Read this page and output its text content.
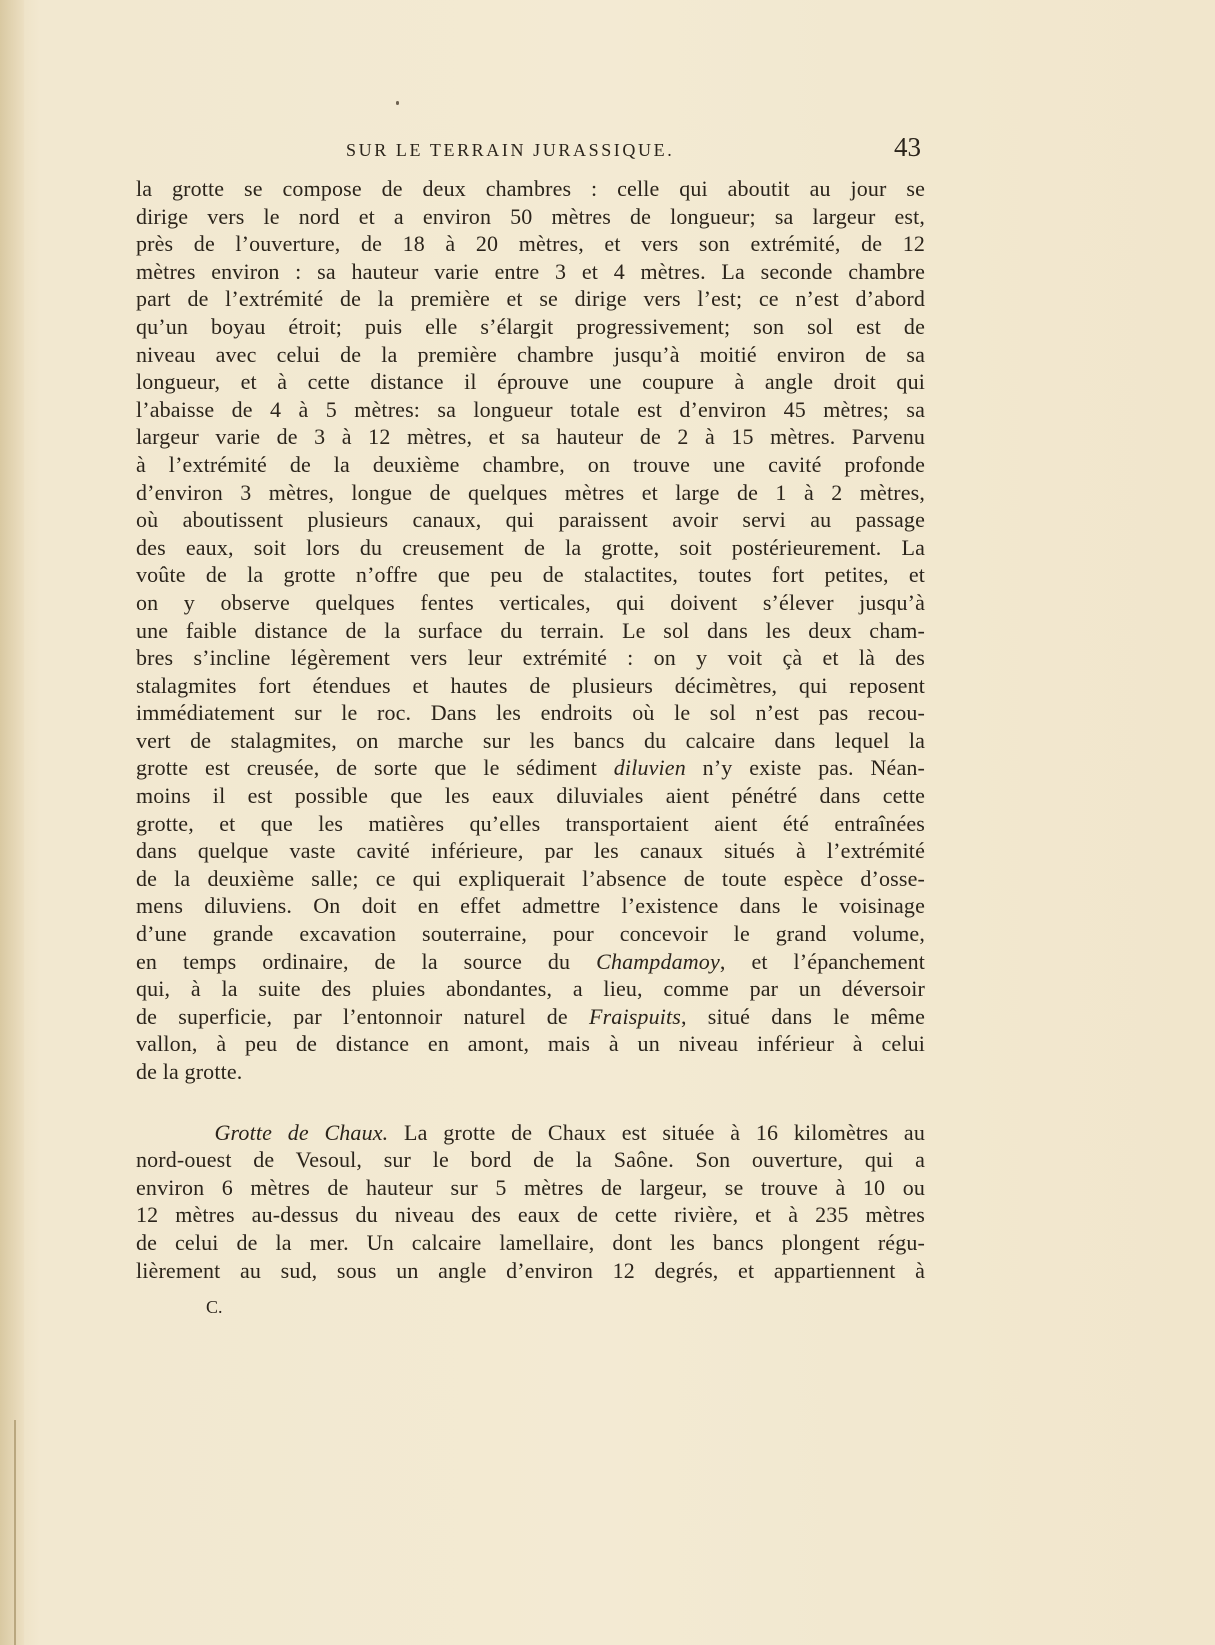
SUR LE TERRAIN JURASSIQUE.	43
la grotte se compose de deux chambres : celle qui aboutit au jour se
dirige vers le nord et a environ 50 mètres de longueur; sa largeur est,
près de l’ouverture, de 18 à 20 mètres, et vers son extrémité, de 12
mètres environ : sa hauteur varie entre 3 et 4 mètres. La seconde chambre
part de l’extrémité de la première et se dirige vers l’est; ce n’est d’abord
qu’un boyau étroit; puis elle s’élargit progressivement; son sol est de
niveau avec celui de la première chambre jusqu’à moitié environ de sa
longueur, et à cette distance il éprouve une coupure à angle droit qui
l’abaisse de 4 à 5 mètres: sa longueur totale est d’environ 45 mètres; sa
largeur varie de 3 à 12 mètres, et sa hauteur de 2 à 15 mètres. Parvenu
à l’extrémité de la deuxième chambre, on trouve une cavité profonde
d’environ 3 mètres, longue de quelques mètres et large de 1 à 2 mètres,
où aboutissent plusieurs canaux, qui paraissent avoir servi au passage
des eaux, soit lors du creusement de la grotte, soit postérieurement. La
voûte de la grotte n’offre que peu de stalactites, toutes fort petites, et
on y observe quelques fentes verticales, qui doivent s’élever jusqu’à
une faible distance de la surface du terrain. Le sol dans les deux cham-
bres s’incline légèrement vers leur extrémité : on y voit çà et là des
stalagmites fort étendues et hautes de plusieurs décimètres, qui reposent
immédiatement sur le roc. Dans les endroits où le sol n’est pas recou-
vert de stalagmites, on marche sur les bancs du calcaire dans lequel la
grotte est creusée, de sorte que le sédiment diluvien n’y existe pas. Néan-
moins il est possible que les eaux diluviales aient pénétré dans cette
grotte, et que les matières qu’elles transportaient aient été entraînées
dans quelque vaste cavité inférieure, par les canaux situés à l’extrémité
de la deuxième salle; ce qui expliquerait l’absence de toute espèce d’osse-
mens diluviens. On doit en effet admettre l’existence dans le voisinage
d’une grande excavation souterraine, pour concevoir le grand volume,
en temps ordinaire, de la source du Champdamoy, et l’épanchement
qui, à la suite des pluies abondantes, a lieu, comme par un déversoir
de superficie, par l’entonnoir naturel de Fraispuits, situé dans le même
vallon, à peu de distance en amont, mais à un niveau inférieur à celui
de la grotte.
Grotte de Chaux. La grotte de Chaux est située à 16 kilomètres au
nord-ouest de Vesoul, sur le bord de la Saône. Son ouverture, qui a
environ 6 mètres de hauteur sur 5 mètres de largeur, se trouve à 10 ou
12 mètres au-dessus du niveau des eaux de cette rivière, et à 235 mètres
de celui de la mer. Un calcaire lamellaire, dont les bancs plongent régu-
lièrement au sud, sous un angle d’environ 12 degrés, et appartiennent à
C.
